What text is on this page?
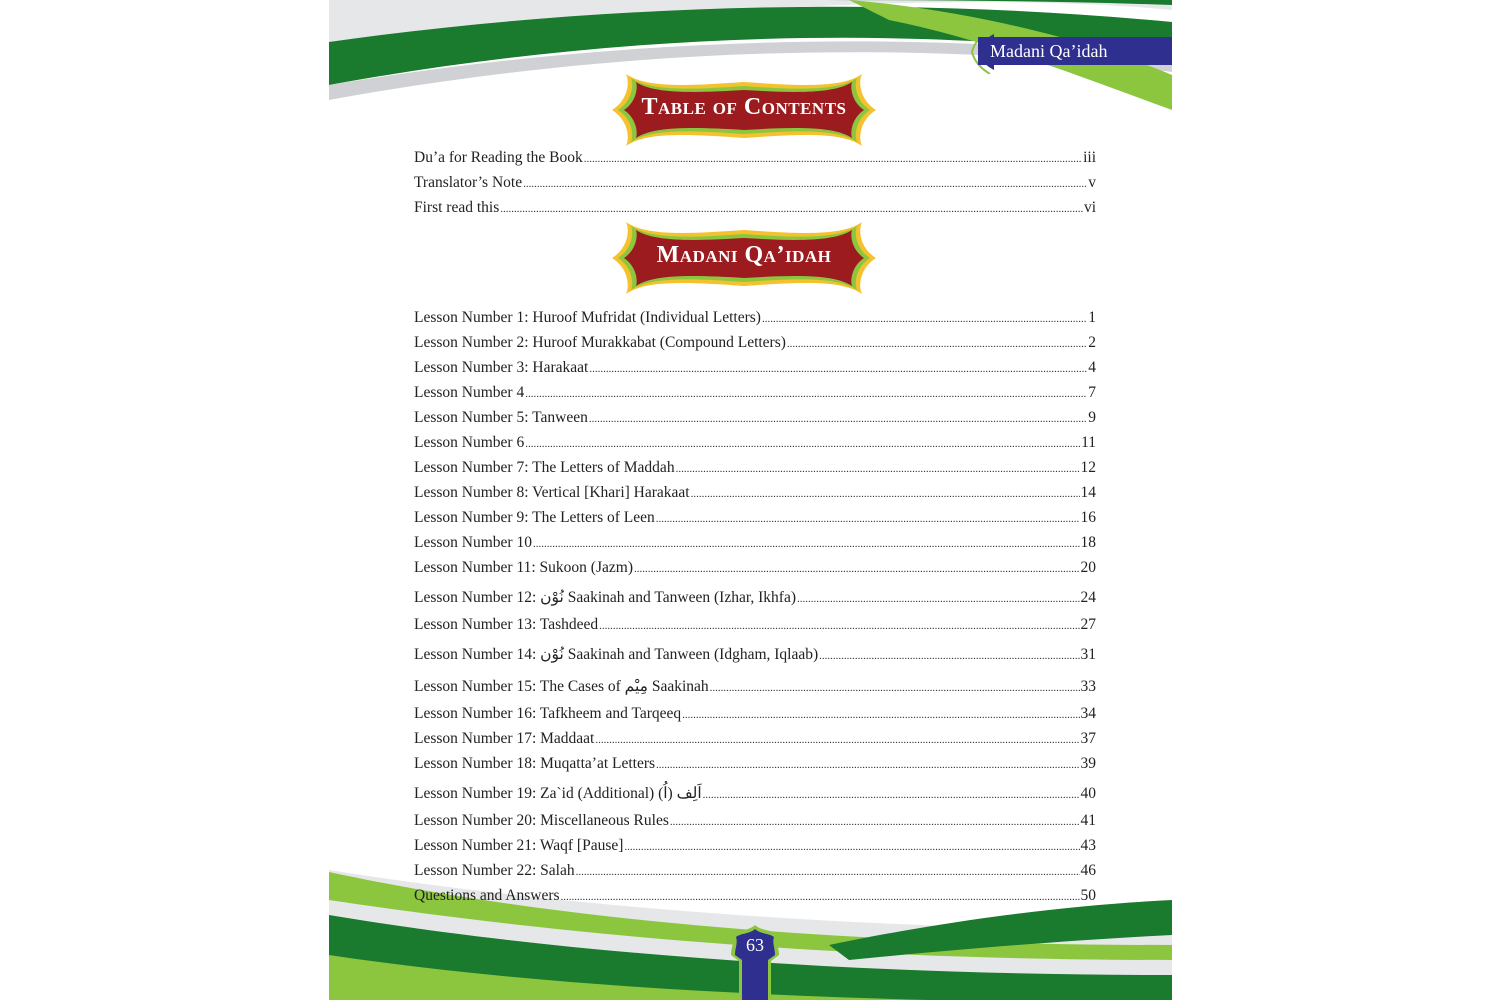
Madani Qa’idah
Table of Contents
Du’a for Reading the Book .....	iii
Translator’s Note .....	v
First read this .....	vi
Madani Qa’idah
Lesson Number 1: Huroof Mufridat (Individual Letters) .....	1
Lesson Number 2: Huroof Murakkabat (Compound Letters) .....	2
Lesson Number 3: Harakaat .....	4
Lesson Number 4 .....	7
Lesson Number 5: Tanween .....	9
Lesson Number 6 .....	11
Lesson Number 7: The Letters of Maddah .....	12
Lesson Number 8: Vertical [Khari] Harakaat .....	14
Lesson Number 9: The Letters of Leen .....	16
Lesson Number 10 .....	18
Lesson Number 11: Sukoon (Jazm) .....	20
Lesson Number 12: نُوْن Saakinah and Tanween (Izhar, Ikhfa) .....	24
Lesson Number 13: Tashdeed .....	27
Lesson Number 14: نُوْن Saakinah and Tanween (Idgham, Iqlaab) .....	31
Lesson Number 15: The Cases of مِیْم Saakinah .....	33
Lesson Number 16: Tafkheem and Tarqeeq .....	34
Lesson Number 17: Maddaat .....	37
Lesson Number 18: Muqatta’at Letters .....	39
Lesson Number 19: Za`id (Additional) اَلِف (اُ) .....	40
Lesson Number 20: Miscellaneous Rules .....	41
Lesson Number 21: Waqf [Pause] .....	43
Lesson Number 22: Salah .....	46
Questions and Answers .....	50
63
